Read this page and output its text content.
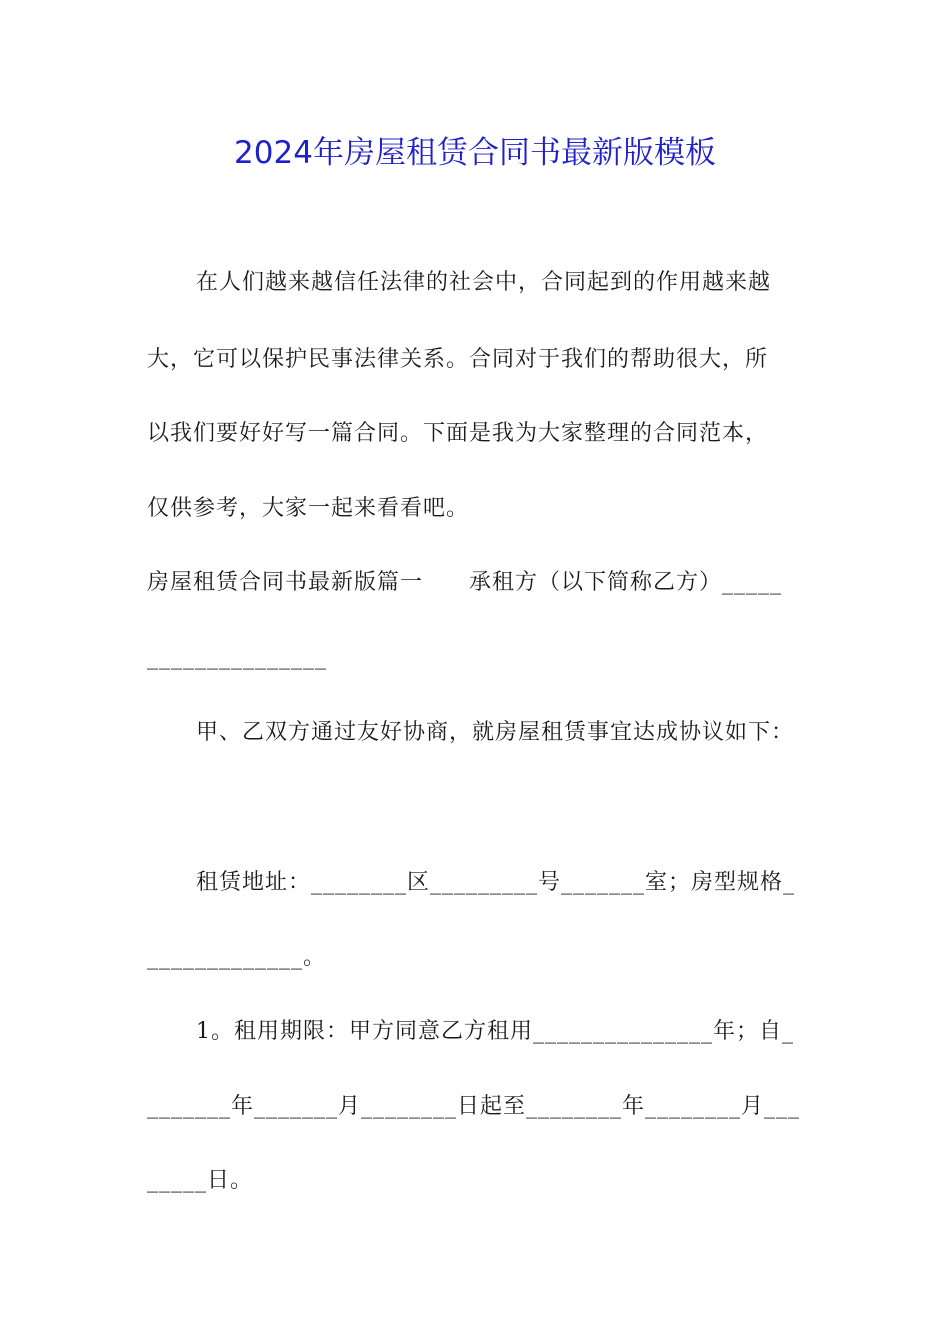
2024年房屋租赁合同书最新版模板
在人们越来越信任法律的社会中，合同起到的作用越来越
大，它可以保护民事法律关系。合同对于我们的帮助很大，所
以我们要好好写一篇合同。下面是我为大家整理的合同范本，
仅供参考，大家一起来看看吧。
房屋租赁合同书最新版篇一　　承租方（以下简称乙方）_____
_______________
甲、乙双方通过友好协商，就房屋租赁事宜达成协议如下：
租赁地址：________区_________号_______室；房型规格_
_____________。
1。租用期限：甲方同意乙方租用_______________年；自_
_______年_______月________日起至________年________月___
_____日。
